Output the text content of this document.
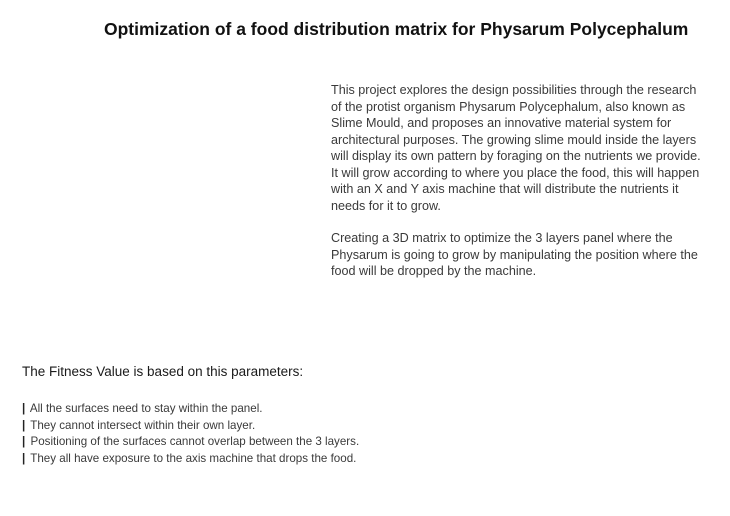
Optimization of a food distribution matrix for Physarum Polycephalum

This project explores the design possibilities through the research of the protist organism Physarum Polycephalum, also known as Slime Mould, and proposes an innovative material system for architectural purposes. The growing slime mould inside the layers will display its own pattern by foraging on the nutrients we provide. It will grow according to where you place the food, this will happen with an X and Y axis machine that will distribute the nutrients it needs for it to grow.

Creating a 3D matrix to optimize the 3 layers panel where the Physarum is going to grow by manipulating the position where the food will be dropped by the machine.

The Fitness Value is based on this parameters:
| All the surfaces need to stay within the panel.
| They cannot intersect within their own layer.
| Positioning of the surfaces cannot overlap between the 3 layers.
| They all have exposure to the axis machine that drops the food.
